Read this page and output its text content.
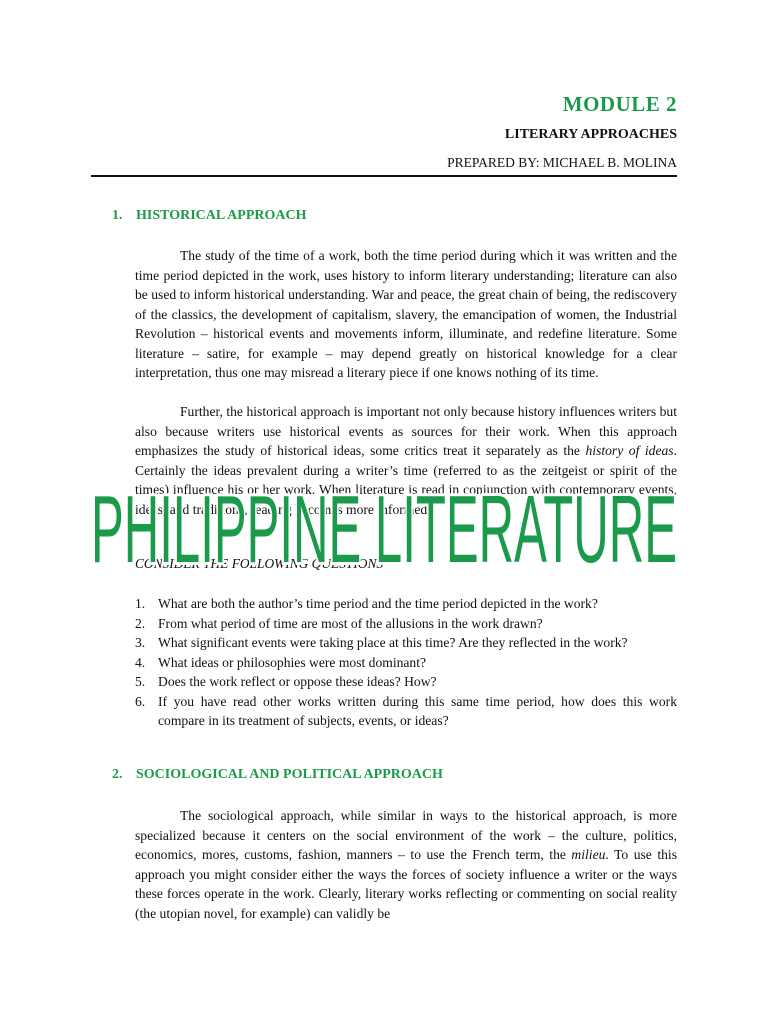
MODULE 2
LITERARY APPROACHES
PREPARED BY: MICHAEL B. MOLINA
1. HISTORICAL APPROACH

The study of the time of a work, both the time period during which it was written and the time period depicted in the work, uses history to inform literary understanding; literature can also be used to inform historical understanding. War and peace, the great chain of being, the rediscovery of the classics, the development of capitalism, slavery, the emancipation of women, the Industrial Revolution – historical events and movements inform, illuminate, and redefine literature. Some literature – satire, for example – may depend greatly on historical knowledge for a clear interpretation, thus one may misread a literary piece if one knows nothing of its time.

Further, the historical approach is important not only because history influences writers but also because writers use historical events as sources for their work. When this approach emphasizes the study of historical ideas, some critics treat it separately as the history of ideas. Certainly the ideas prevalent during a writer’s time (referred to as the zeitgeist or spirit of the times) influence his or her work. When literature is read in conjunction with contemporary events, ideas, and traditions, reading becomes more informed.

CONSIDER THE FOLLOWING QUESTIONS
1. What are both the author’s time period and the time period depicted in the work?
2. From what period of time are most of the allusions in the work drawn?
3. What significant events were taking place at this time? Are they reflected in the work?
4. What ideas or philosophies were most dominant?
5. Does the work reflect or oppose these ideas? How?
6. If you have read other works written during this same time period, how does this work compare in its treatment of subjects, events, or ideas?
2. SOCIOLOGICAL AND POLITICAL APPROACH

The sociological approach, while similar in ways to the historical approach, is more specialized because it centers on the social environment of the work – the culture, politics, economics, mores, customs, fashion, manners – to use the French term, the milieu. To use this approach you might consider either the ways the forces of society influence a writer or the ways these forces operate in the work. Clearly, literary works reflecting or commenting on social reality (the utopian novel, for example) can validly be

PHILIPPINE LITERATURE
PHILIPPINE LITERATURE
